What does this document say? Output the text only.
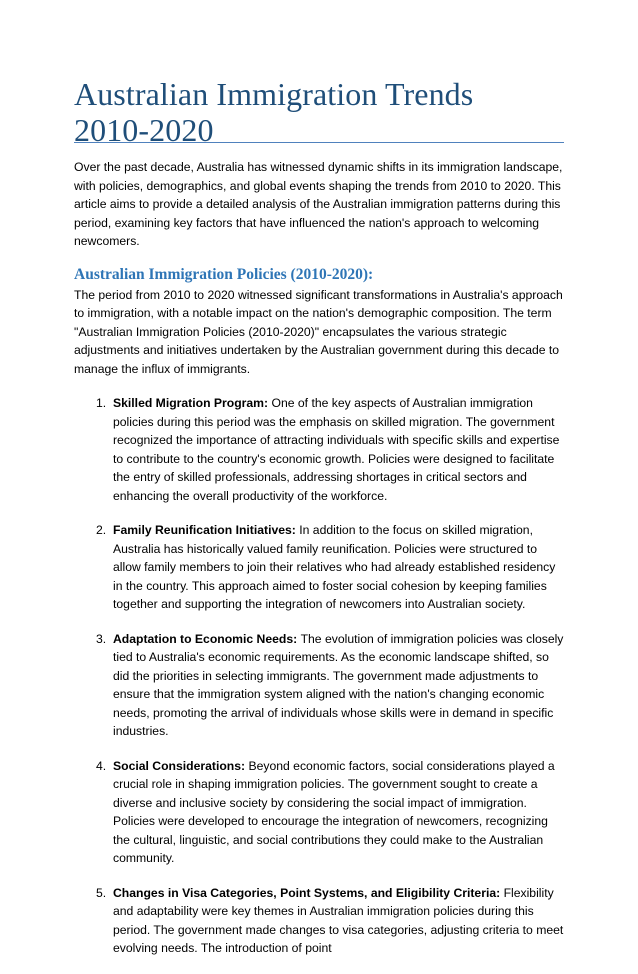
Australian Immigration Trends 2010-2020

Over the past decade, Australia has witnessed dynamic shifts in its immigration landscape, with policies, demographics, and global events shaping the trends from 2010 to 2020. This article aims to provide a detailed analysis of the Australian immigration patterns during this period, examining key factors that have influenced the nation's approach to welcoming newcomers.

Australian Immigration Policies (2010-2020):

The period from 2010 to 2020 witnessed significant transformations in Australia's approach to immigration, with a notable impact on the nation's demographic composition. The term "Australian Immigration Policies (2010-2020)" encapsulates the various strategic adjustments and initiatives undertaken by the Australian government during this decade to manage the influx of immigrants.

1. Skilled Migration Program: One of the key aspects of Australian immigration policies during this period was the emphasis on skilled migration. The government recognized the importance of attracting individuals with specific skills and expertise to contribute to the country's economic growth. Policies were designed to facilitate the entry of skilled professionals, addressing shortages in critical sectors and enhancing the overall productivity of the workforce.
2. Family Reunification Initiatives: In addition to the focus on skilled migration, Australia has historically valued family reunification. Policies were structured to allow family members to join their relatives who had already established residency in the country. This approach aimed to foster social cohesion by keeping families together and supporting the integration of newcomers into Australian society.
3. Adaptation to Economic Needs: The evolution of immigration policies was closely tied to Australia's economic requirements. As the economic landscape shifted, so did the priorities in selecting immigrants. The government made adjustments to ensure that the immigration system aligned with the nation's changing economic needs, promoting the arrival of individuals whose skills were in demand in specific industries.
4. Social Considerations: Beyond economic factors, social considerations played a crucial role in shaping immigration policies. The government sought to create a diverse and inclusive society by considering the social impact of immigration. Policies were developed to encourage the integration of newcomers, recognizing the cultural, linguistic, and social contributions they could make to the Australian community.
5. Changes in Visa Categories, Point Systems, and Eligibility Criteria: Flexibility and adaptability were key themes in Australian immigration policies during this period. The government made changes to visa categories, adjusting criteria to meet evolving needs. The introduction of point
